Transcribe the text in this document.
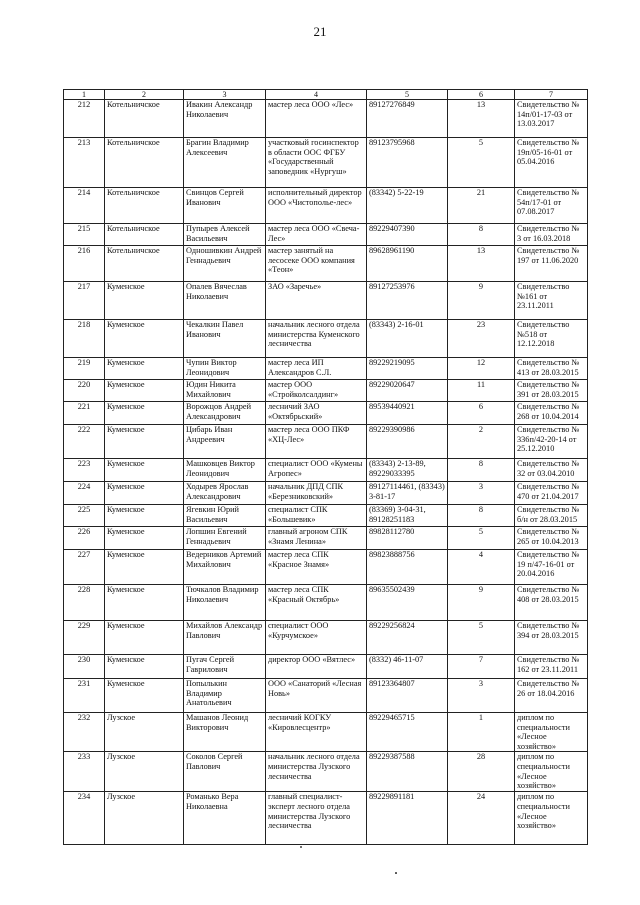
21
1	2	3	4	5	6	7
212	Котельничское	Ивакин Александр Николаевич	мастер леса ООО «Лес»	89127276849	13	Свидетельство № 14п/01-17-03 от 13.03.2017
213	Котельничское	Брагин Владимир Алексеевич	участковый госинспектор в области ООС ФГБУ «Государственный заповедник «Нургуш»	89123795968	5	Свидетельство № 19п/05-16-01 от 05.04.2016
214	Котельничское	Свинцов Сергей Иванович	исполнительный директор ООО «Чистополье-лес»	(83342) 5-22-19	21	Свидетельство № 54п/17-01 от 07.08.2017
215	Котельничское	Пупырев Алексей Васильевич	мастер леса ООО «Свеча-Лес»	89229407390	8	Свидетельство № 3 от 16.03.2018
216	Котельничское	Одношивкин Андрей Геннадьевич	мастер занятый на лесосеке ООО компания «Теон»	89628961190	13	Свидетельство № 197 от 11.06.2020
217	Куменское	Опалев Вячеслав Николаевич	ЗАО «Заречье»	89127253976	9	Свидетельство №161 от 23.11.2011
218	Куменское	Чекалкин Павел Иванович	начальник лесного отдела министерства Куменского лесничества	(83343) 2-16-01	23	Свидетельство №518 от 12.12.2018
219	Куменское	Чупин Виктор Леонидович	мастер леса ИП Александров С.Л.	89229219095	12	Свидетельство № 413 от 28.03.2015
220	Куменское	Юдин Никита Михайлович	мастер ООО «Стройколсалдинг»	89229020647	11	Свидетельство № 391 от 28.03.2015
221	Куменское	Ворожцов Андрей Александрович	лесничий ЗАО «Октябрьский»	89539440921	6	Свидетельство № 268 от 10.04.2014
222	Куменское	Цибарь Иван Андреевич	мастер леса ООО ПКФ «ХЦ-Лес»	89229390986	2	Свидетельство № 336п/42-20-14 от 25.12.2010
223	Куменское	Машковцев Виктор Леонидович	специалист ООО «Кумены Агропес»	(83343) 2-13-89, 89229033395	8	Свидетельство № 32 от 03.04.2010
224	Куменское	Ходырев Ярослав Александрович	начальник ДПД СПК «Березниковский»	89127114461, (83343) 3-81-17	3	Свидетельство № 470 от 21.04.2017
225	Куменское	Ягевкин Юрий Васильевич	специалист СПК «Большевик»	(83369) 3-04-31, 89128251183	8	Свидетельство № б/н от 28.03.2015
226	Куменское	Лопшин Евгений Геннадьевич	главный агроном СПК «Знамя Ленина»	89828112780	5	Свидетельство № 265 от 10.04.2013
227	Куменское	Ведерников Артемий Михайлович	мастер леса СПК «Красное Знамя»	89823888756	4	Свидетельство № 19 п/47-16-01 от 20.04.2016
228	Куменское	Тючкалов Владимир Николаевич	мастер леса СПК «Красный Октябрь»	89635502439	9	Свидетельство № 408 от 28.03.2015
229	Куменское	Михайлов Александр Павлович	специалист ООО «Курчумское»	89229256824	5	Свидетельство № 394 от 28.03.2015
230	Куменское	Пугач Сергей Гаврилович	директор ООО «Вятлес»	(8332) 46-11-07	7	Свидетельство № 162 от 23.11.2011
231	Куменское	Попылькин Владимир Анатольевич	ООО «Санаторий «Лесная Новь»	89123364807	3	Свидетельство № 26 от 18.04.2016
232	Лузское	Машанов Леонид Викторович	лесничий КОГКУ «Кировлесцентр»	89229465715	1	диплом по специальности «Лесное хозяйство»
233	Лузское	Соколов Сергей Павлович	начальник лесного отдела министерства Лузского лесничества	89229387588	28	диплом по специальности «Лесное хозяйство»
234	Лузское	Романько Вера Николаевна	главный специалист-эксперт лесного отдела министерства Лузского лесничества	89229891181	24	диплом по специальности «Лесное хозяйство»
